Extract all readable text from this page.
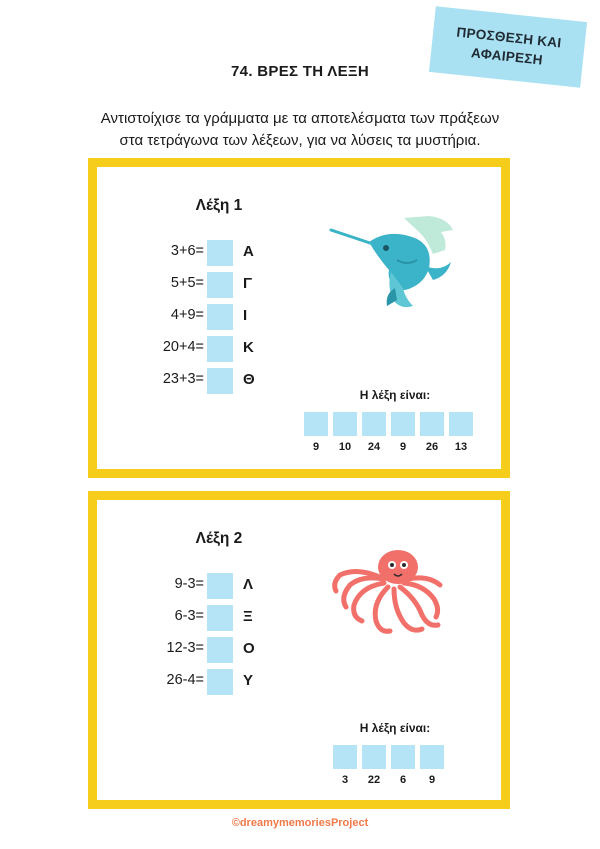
ΠΡΟΣΘΕΣΗ ΚΑΙ
ΑΦΑΙΡΕΣΗ
74. ΒΡΕΣ ΤΗ ΛΕΞΗ
Αντιστοίχισε τα γράμματα με τα αποτελέσματα των πράξεων
στα τετράγωνα των λέξεων, για να λύσεις τα μυστήρια.
Λέξη 1
3+6=	Α
5+5=	Γ
4+9=	Ι
20+4=	Κ
23+3=	Θ
Η λέξη είναι:
9	10	24	9	26	13
Λέξη 2
9-3=	Λ
6-3=	Ξ
12-3=	Ο
26-4=	Υ
Η λέξη είναι:
3	22	6	9
©dreamymemoriesProject
